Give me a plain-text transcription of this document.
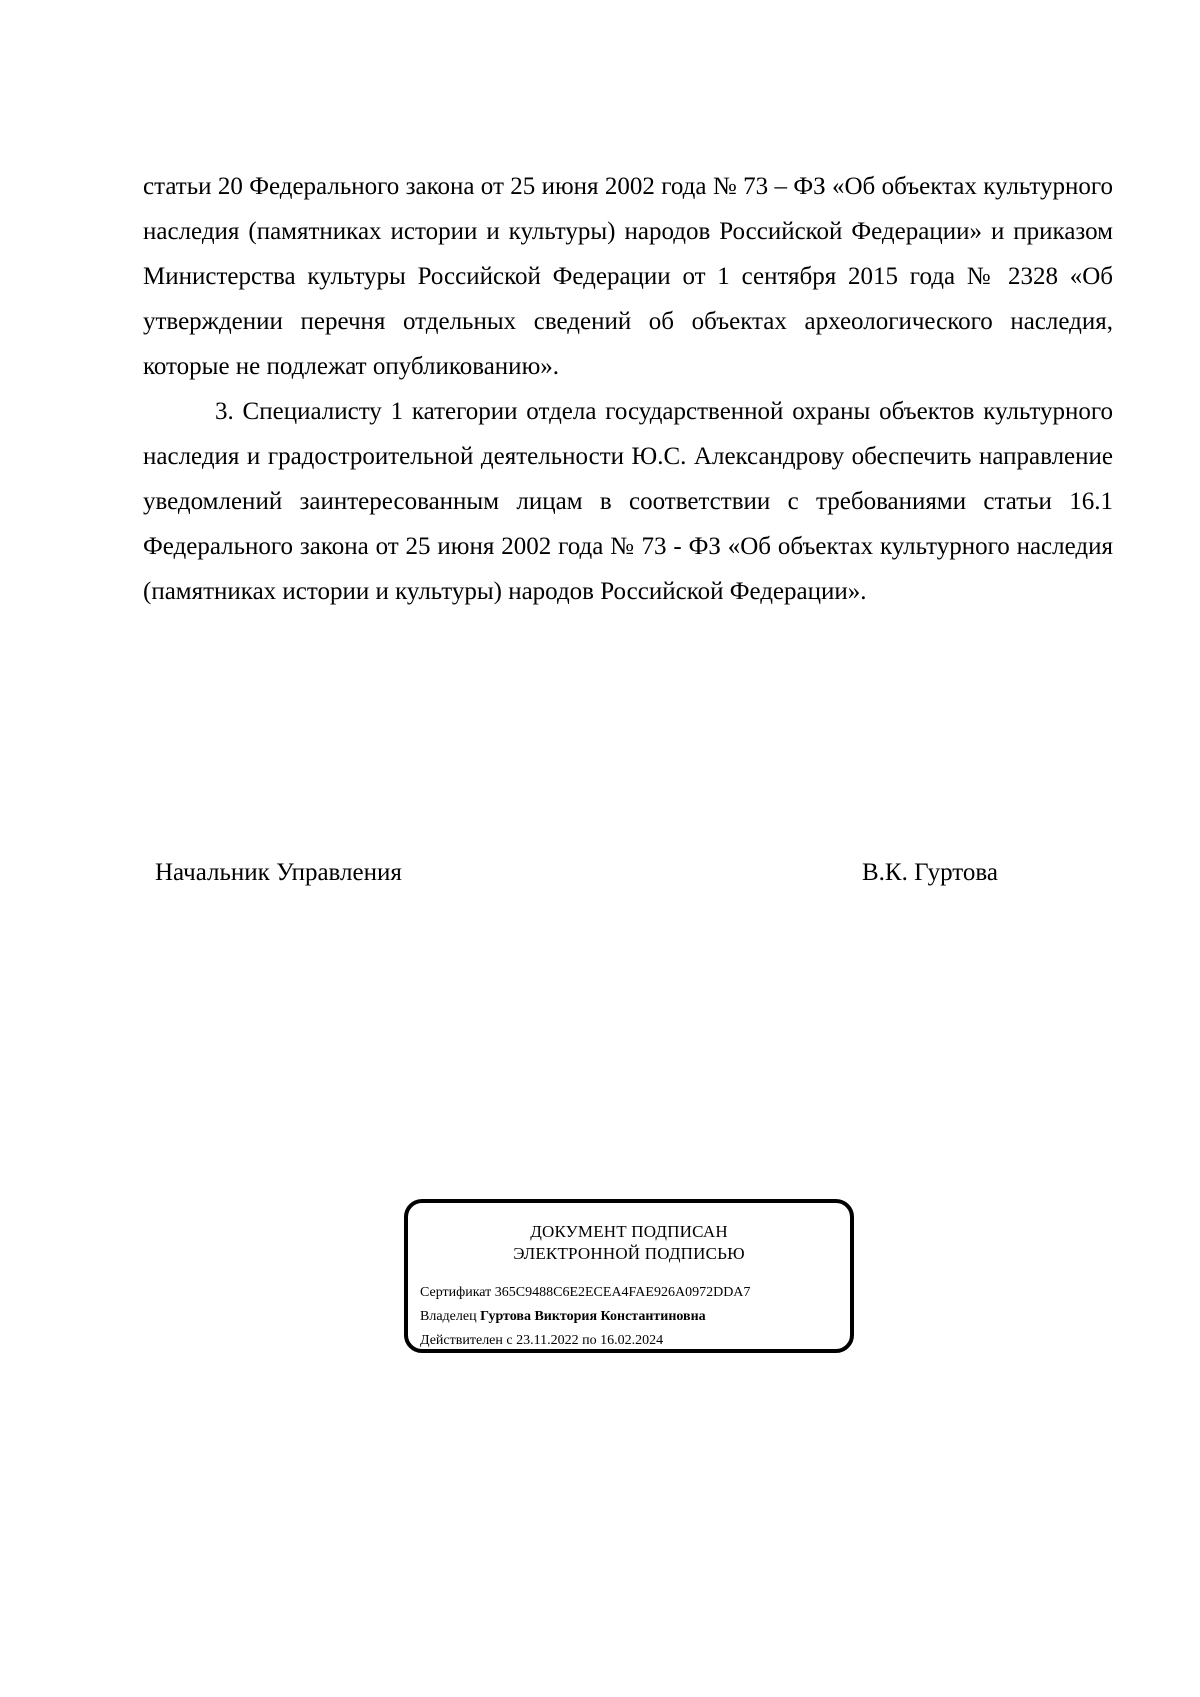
статьи 20 Федерального закона от 25 июня 2002 года № 73 – ФЗ «Об объектах культурного наследия (памятниках истории и культуры) народов Российской Федерации» и приказом Министерства культуры Российской Федерации от 1 сентября 2015 года № 2328 «Об утверждении перечня отдельных сведений об объектах археологического наследия, которые не подлежат опубликованию».

3. Специалисту 1 категории отдела государственной охраны объектов культурного наследия и градостроительной деятельности Ю.С. Александрову обеспечить направление уведомлений заинтересованным лицам в соответствии с требованиями статьи 16.1 Федерального закона от 25 июня 2002 года № 73 - ФЗ «Об объектах культурного наследия (памятниках истории и культуры) народов Российской Федерации».

Начальник Управления	В.К. Гуртова
ДОКУМЕНТ ПОДПИСАН
ЭЛЕКТРОННОЙ ПОДПИСЬЮ
Сертификат 365C9488C6E2ECEA4FAE926A0972DDA7
Владелец Гуртова Виктория Константиновна
Действителен с 23.11.2022 по 16.02.2024
